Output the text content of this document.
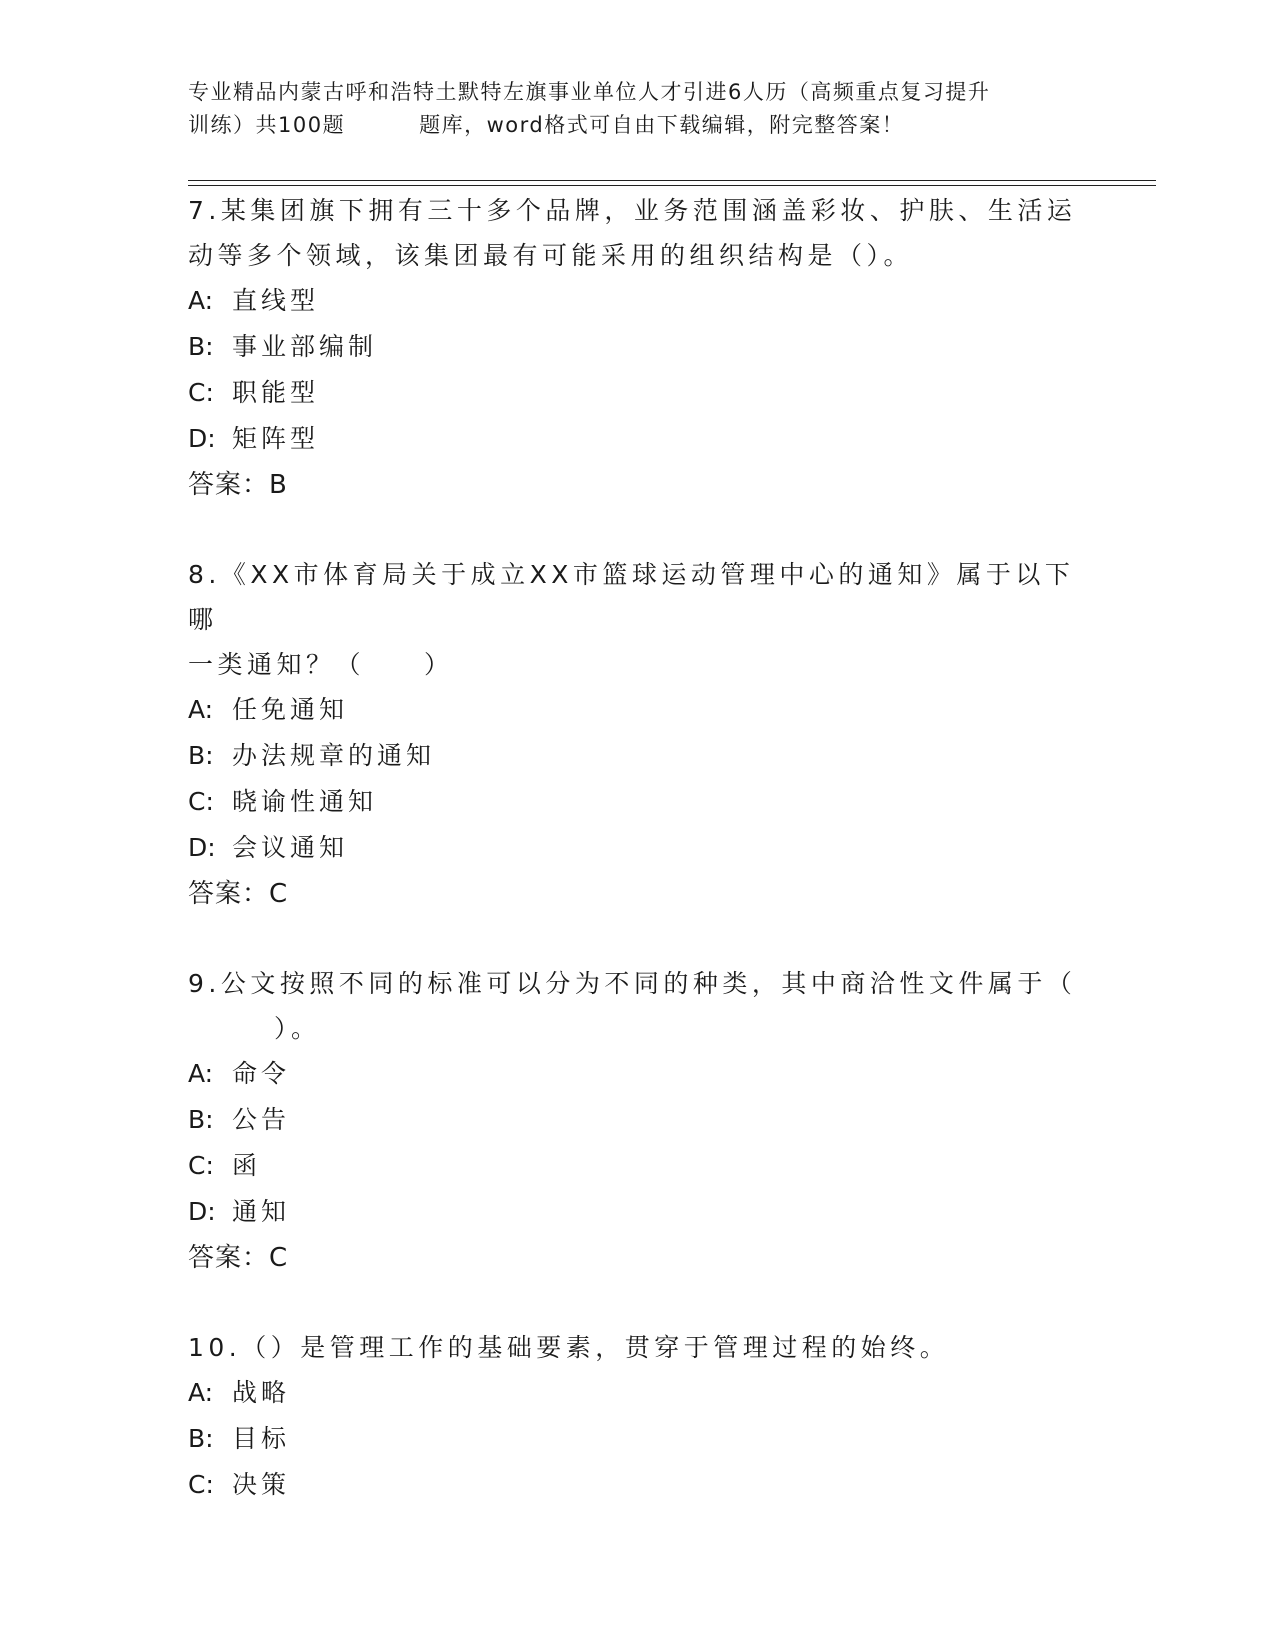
专业精品内蒙古呼和浩特土默特左旗事业单位人才引进6人历（高频重点复习提升
训练）共100题	题库，word格式可自由下载编辑，附完整答案！

7.某集团旗下拥有三十多个品牌，业务范围涵盖彩妆、护肤、生活运
动等多个领域，该集团最有可能采用的组织结构是（）。

A: 直线型

B: 事业部编制

C: 职能型

D: 矩阵型

答案：B

8.《XX市体育局关于成立XX市篮球运动管理中心的通知》属于以下哪
一类通知？（　　）

A: 任免通知

B: 办法规章的通知

C: 晓谕性通知

D: 会议通知

答案：C

9.公文按照不同的标准可以分为不同的种类，其中商洽性文件属于（
）。

A: 命令

B: 公告

C: 函

D: 通知

答案：C

10.（）是管理工作的基础要素，贯穿于管理过程的始终。

A: 战略

B: 目标

C: 决策
